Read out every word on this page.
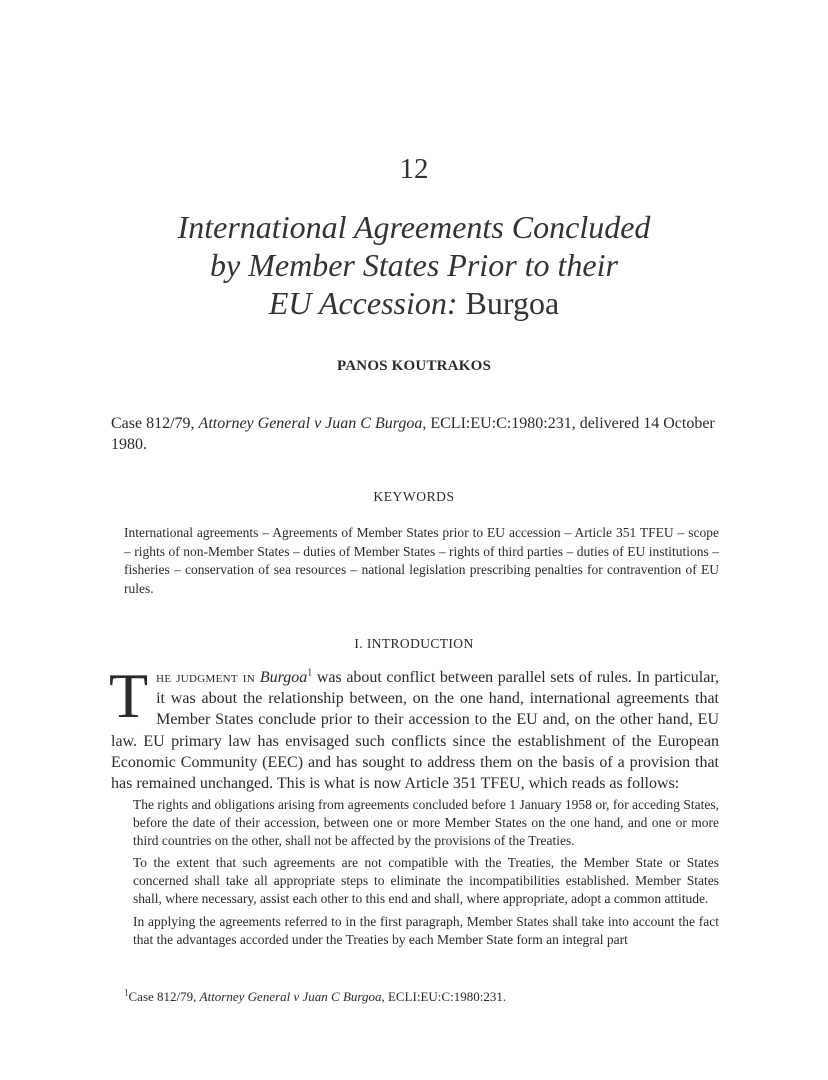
12
International Agreements Concluded
by Member States Prior to their
EU Accession: Burgoa
PANOS KOUTRAKOS
Case 812/79, Attorney General v Juan C Burgoa, ECLI:EU:C:1980:231, delivered 14 October 1980.
KEYWORDS
International agreements – Agreements of Member States prior to EU accession – Article 351 TFEU – scope – rights of non-Member States – duties of Member States – rights of third parties – duties of EU institutions – fisheries – conservation of sea resources – national legislation prescribing penalties for contravention of EU rules.
I. INTRODUCTION
The judgment in Burgoa$^1$ was about conflict between parallel sets of rules. In particular, it was about the relationship between, on the one hand, international agreements that Member States conclude prior to their accession to the EU and, on the other hand, EU law. EU primary law has envisaged such conflicts since the establishment of the European Economic Community (EEC) and has sought to address them on the basis of a provision that has remained unchanged. This is what is now Article 351 TFEU, which reads as follows:

The rights and obligations arising from agreements concluded before 1 January 1958 or, for acceding States, before the date of their accession, between one or more Member States on the one hand, and one or more third countries on the other, shall not be affected by the provisions of the Treaties.

To the extent that such agreements are not compatible with the Treaties, the Member State or States concerned shall take all appropriate steps to eliminate the incompatibilities established. Member States shall, where necessary, assist each other to this end and shall, where appropriate, adopt a common attitude.

In applying the agreements referred to in the first paragraph, Member States shall take into account the fact that the advantages accorded under the Treaties by each Member State form an integral part

$^1$Case 812/79, Attorney General v Juan C Burgoa, ECLI:EU:C:1980:231.
